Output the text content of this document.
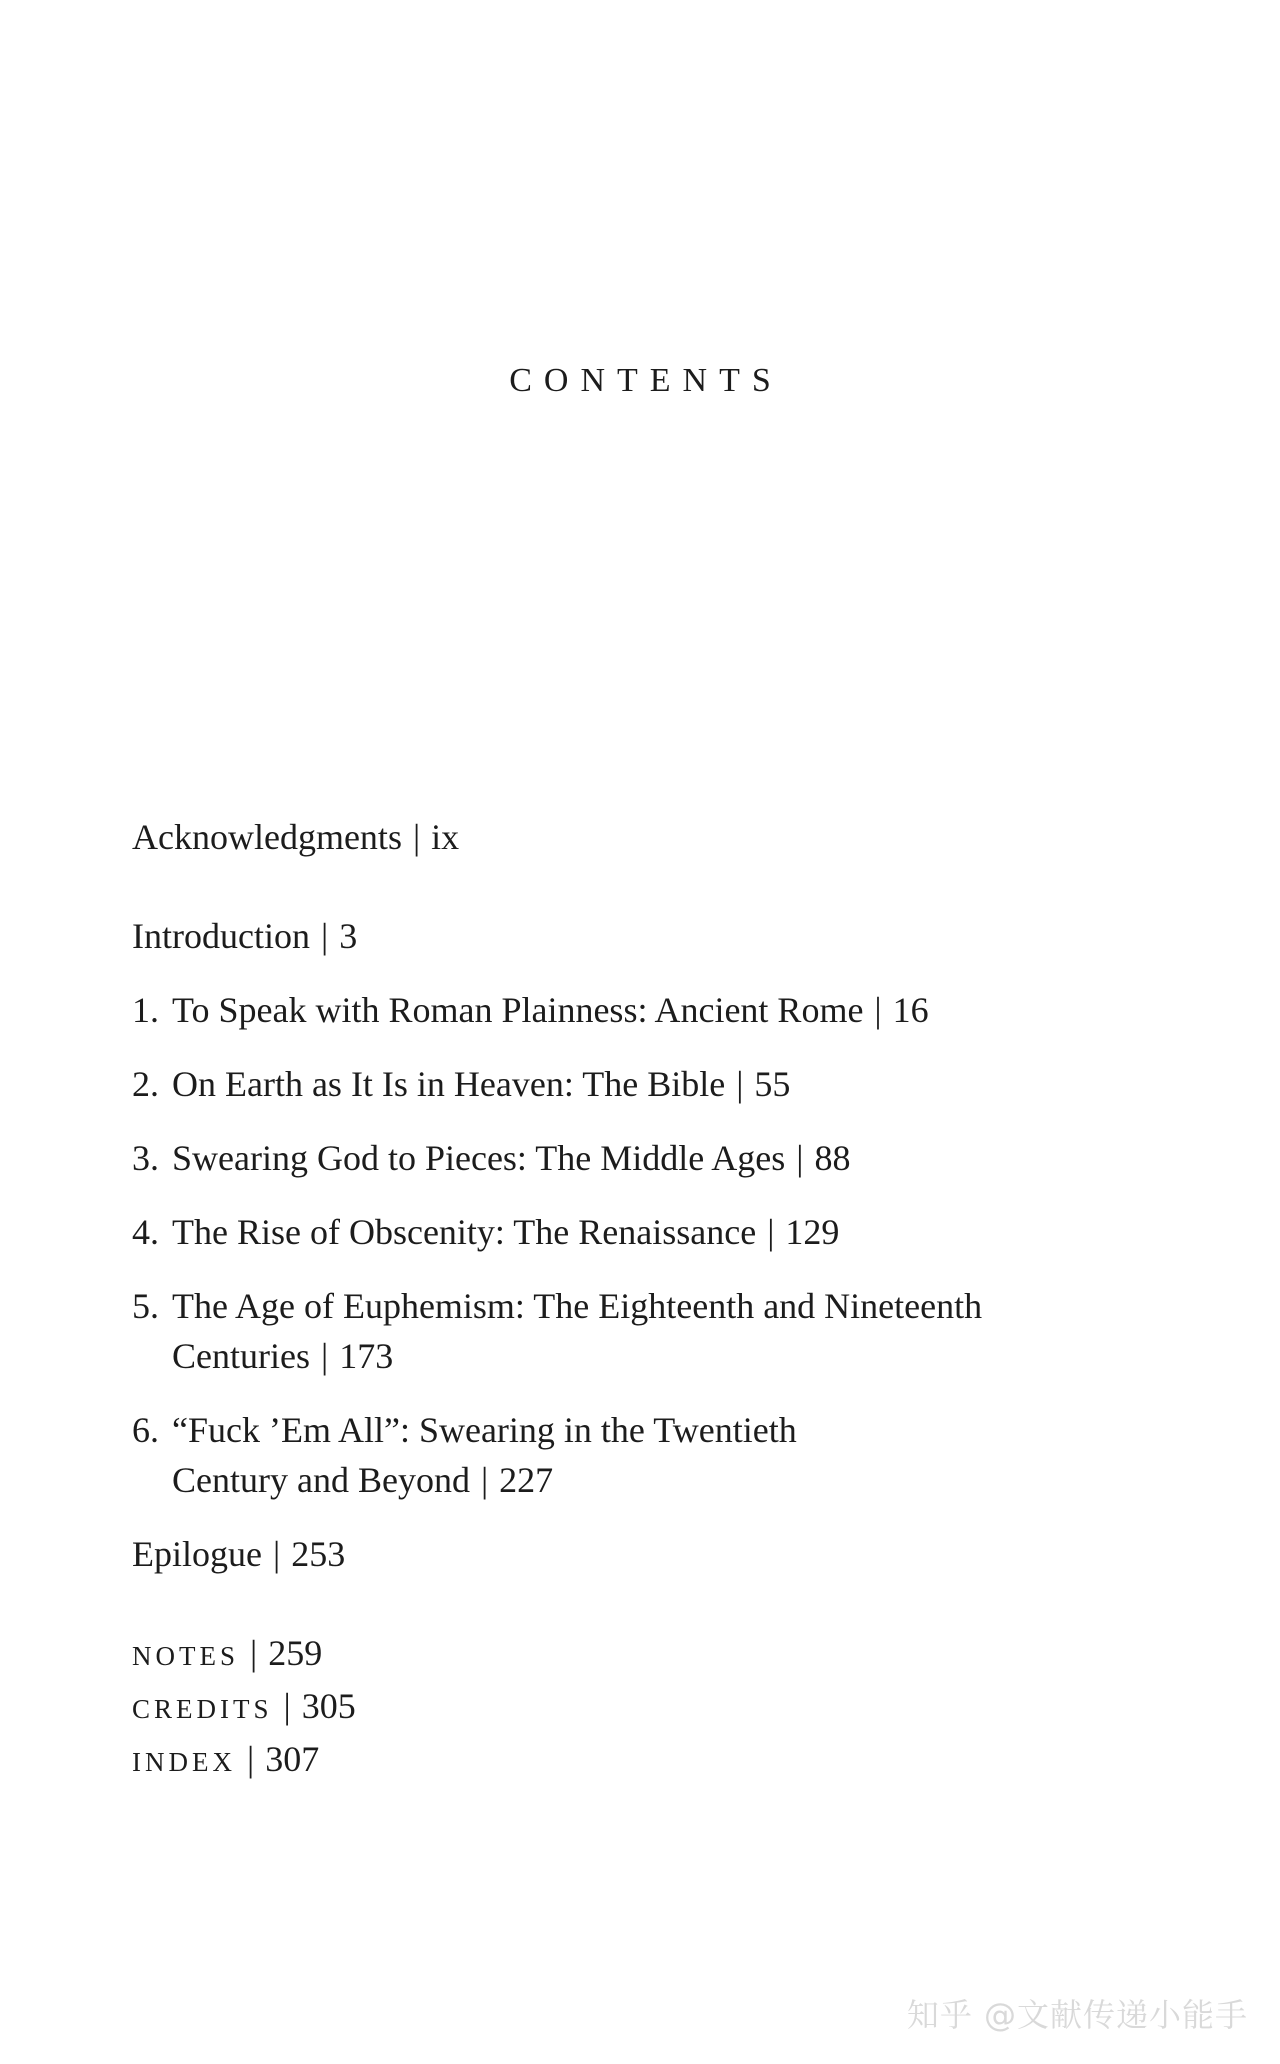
CONTENTS
Acknowledgments | ix
Introduction | 3
1. To Speak with Roman Plainness: Ancient Rome | 16
2. On Earth as It Is in Heaven: The Bible | 55
3. Swearing God to Pieces: The Middle Ages | 88
4. The Rise of Obscenity: The Renaissance | 129
5. The Age of Euphemism: The Eighteenth and Nineteenth
Centuries | 173
6. “Fuck ’Em All”: Swearing in the Twentieth
Century and Beyond | 227
Epilogue | 253
NOTES | 259
CREDITS | 305
INDEX | 307
知乎 @文献传递小能手
